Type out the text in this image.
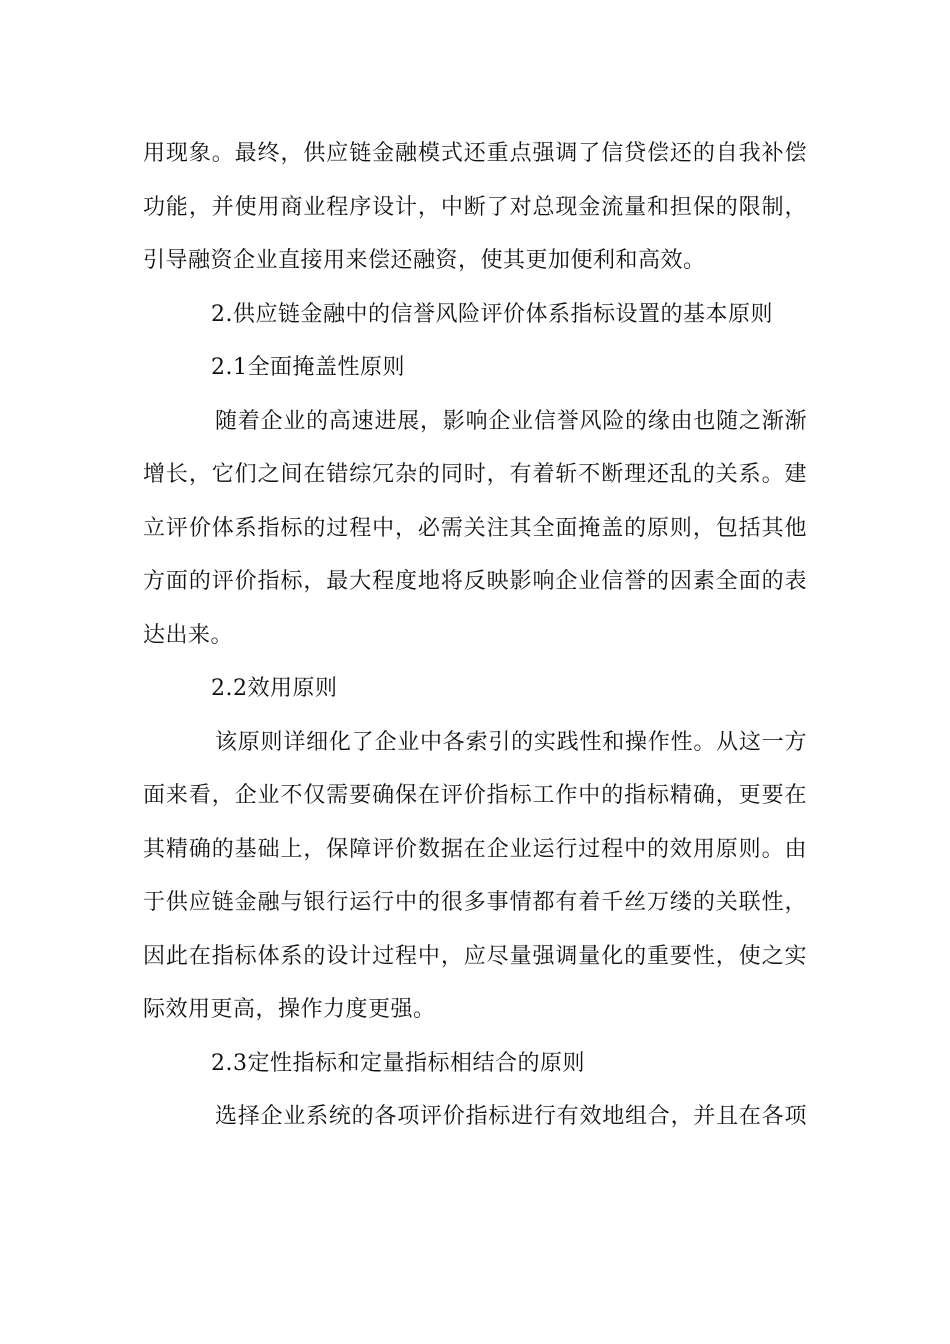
用现象。最终，供应链金融模式还重点强调了信贷偿还的自我补偿
功能，并使用商业程序设计，中断了对总现金流量和担保的限制，
引导融资企业直接用来偿还融资，使其更加便利和高效。
2.供应链金融中的信誉风险评价体系指标设置的基本原则
2.1全面掩盖性原则
随着企业的高速进展，影响企业信誉风险的缘由也随之渐渐
增长，它们之间在错综冗杂的同时，有着斩不断理还乱的关系。建
立评价体系指标的过程中，必需关注其全面掩盖的原则，包括其他
方面的评价指标，最大程度地将反映影响企业信誉的因素全面的表
达出来。
2.2效用原则
该原则详细化了企业中各索引的实践性和操作性。从这一方
面来看，企业不仅需要确保在评价指标工作中的指标精确，更要在
其精确的基础上，保障评价数据在企业运行过程中的效用原则。由
于供应链金融与银行运行中的很多事情都有着千丝万缕的关联性，
因此在指标体系的设计过程中，应尽量强调量化的重要性，使之实
际效用更高，操作力度更强。
2.3定性指标和定量指标相结合的原则
选择企业系统的各项评价指标进行有效地组合，并且在各项
